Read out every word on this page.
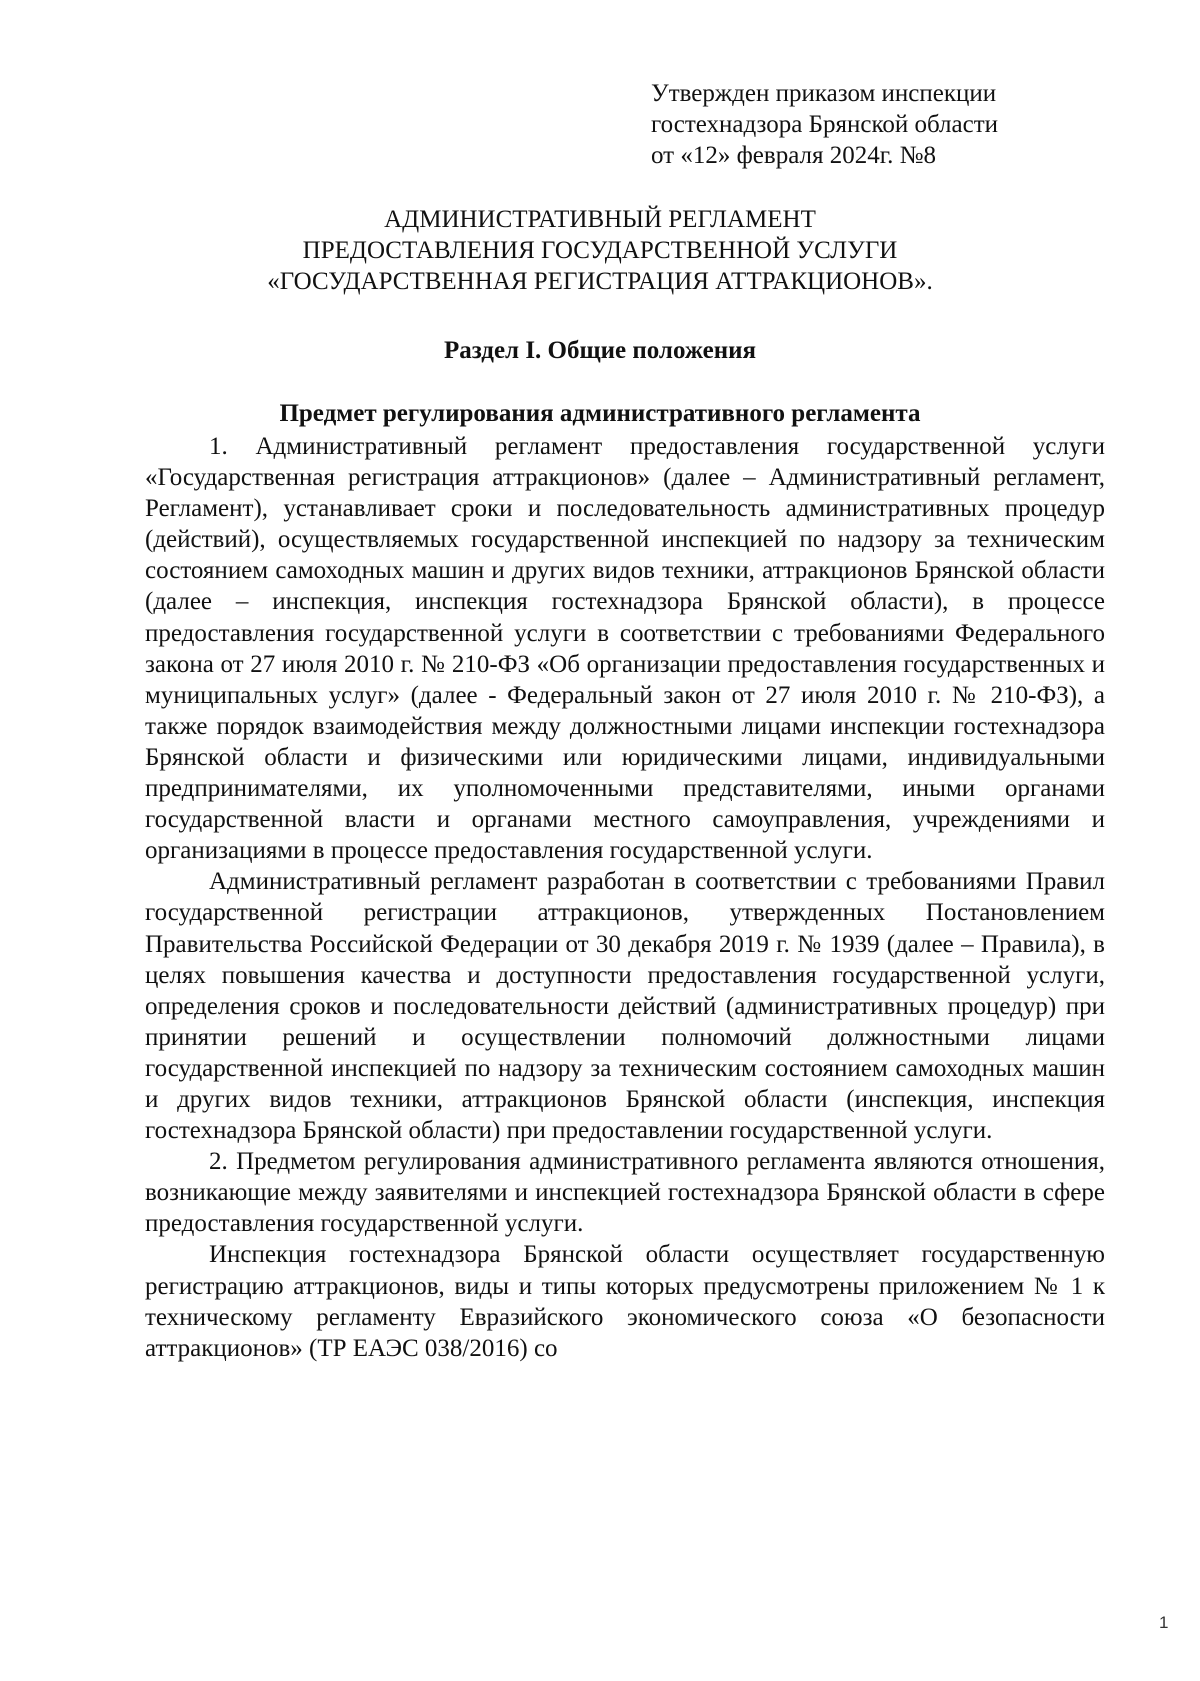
Утвержден приказом инспекции
гостехнадзора Брянской области
от «12» февраля 2024г. №8
АДМИНИСТРАТИВНЫЙ РЕГЛАМЕНТ
ПРЕДОСТАВЛЕНИЯ ГОСУДАРСТВЕННОЙ УСЛУГИ
«ГОСУДАРСТВЕННАЯ РЕГИСТРАЦИЯ АТТРАКЦИОНОВ».
Раздел I. Общие положения
Предмет регулирования административного регламента

1. Административный регламент предоставления государственной услуги «Государственная регистрация аттракционов» (далее – Административный регламент, Регламент), устанавливает сроки и последовательность административных процедур (действий), осуществляемых государственной инспекцией по надзору за техническим состоянием самоходных машин и других видов техники, аттракционов Брянской области (далее – инспекция, инспекция гостехнадзора Брянской области), в процессе предоставления государственной услуги в соответствии с требованиями Федерального закона от 27 июля 2010 г. № 210-ФЗ «Об организации предоставления государственных и муниципальных услуг» (далее - Федеральный закон от 27 июля 2010 г. № 210-ФЗ), а также порядок взаимодействия между должностными лицами инспекции гостехнадзора Брянской области и физическими или юридическими лицами, индивидуальными предпринимателями, их уполномоченными представителями, иными органами государственной власти и органами местного самоуправления, учреждениями и организациями в процессе предоставления государственной услуги.

Административный регламент разработан в соответствии с требованиями Правил государственной регистрации аттракционов, утвержденных Постановлением Правительства Российской Федерации от 30 декабря 2019 г. № 1939 (далее – Правила), в целях повышения качества и доступности предоставления государственной услуги, определения сроков и последовательности действий (административных процедур) при принятии решений и осуществлении полномочий должностными лицами государственной инспекцией по надзору за техническим состоянием самоходных машин и других видов техники, аттракционов Брянской области (инспекция, инспекция гостехнадзора Брянской области) при предоставлении государственной услуги.

2. Предметом регулирования административного регламента являются отношения, возникающие между заявителями и инспекцией гостехнадзора Брянской области в сфере предоставления государственной услуги.

Инспекция гостехнадзора Брянской области осуществляет государственную регистрацию аттракционов, виды и типы которых предусмотрены приложением № 1 к техническому регламенту Евразийского экономического союза «О безопасности аттракционов» (ТР ЕАЭС 038/2016) со

1
